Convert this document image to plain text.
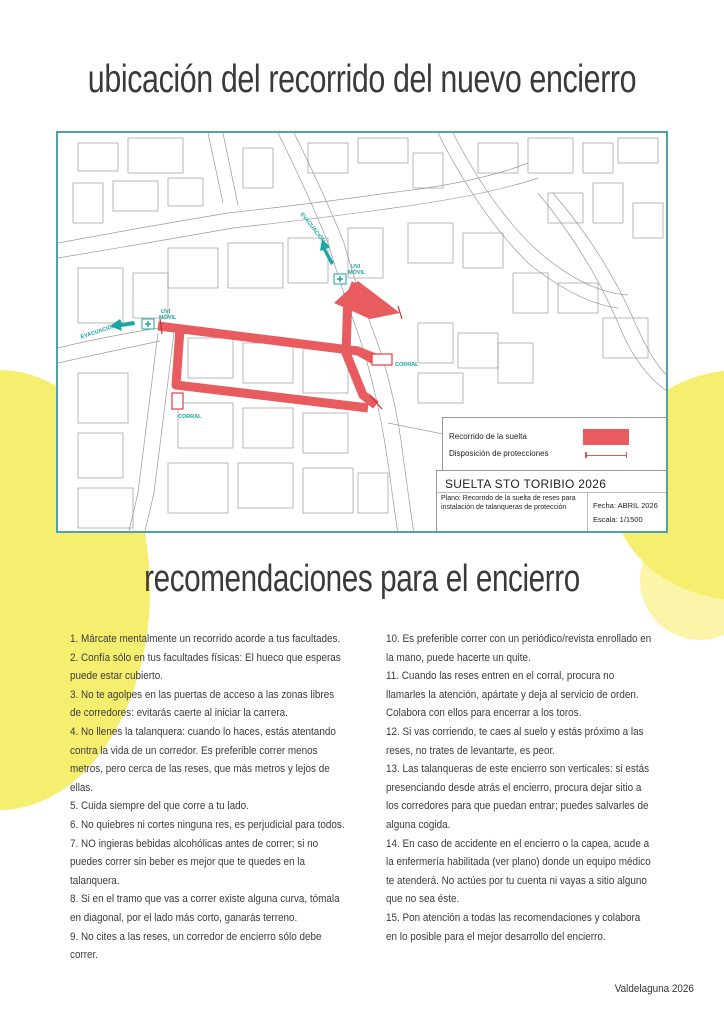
ubicación del recorrido del nuevo encierro
EVACUACIÓN
EVACUACIÓN
UVI
MÓVIL
UVI
MÓVIL
CORRAL
CORRAL
Recorrido de la suelta
Disposición de protecciones
SUELTA STO TORIBIO 2026
Plano: Recorrido de la suelta de reses para instalación de talanqueras de protección	Fecha: ABRIL 2026
Escala: 1/1500
recomendaciones para el encierro

1. Márcate mentalmente un recorrido acorde a tus facultades.

2. Confía sólo en tus facultades físicas: El hueco que esperas puede estar cubierto.

3. No te agolpes en las puertas de acceso a las zonas libres de corredores: evitarás caerte al iniciar la carrera.

4. No llenes la talanquera: cuando lo haces, estás atentando contra la vida de un corredor. Es preferible correr menos metros, pero cerca de las reses, que más metros y lejos de ellas.

5. Cuida siempre del que corre a tu lado.

6. No quiebres ni cortes ninguna res, es perjudicial para todos.

7. NO ingieras bebidas alcohólicas antes de correr; si no puedes correr sin beber es mejor que te quedes en la talanquera.

8. Si en el tramo que vas a correr existe alguna curva, tómala en diagonal, por el lado más corto, ganarás terreno.

9. No cites a las reses, un corredor de encierro sólo debe correr.

10. Es preferible correr con un periódico/revista enrollado en la mano, puede hacerte un quite.

11. Cuando las reses entren en el corral, procura no llamarles la atención, apártate y deja al servicio de orden. Colabora con ellos para encerrar a los toros.

12. Si vas corriendo, te caes al suelo y estás próximo a las reses, no trates de levantarte, es peor.

13. Las talanqueras de este encierro son verticales: si estás presenciando desde atrás el encierro, procura dejar sitio a los corredores para que puedan entrar; puedes salvarles de alguna cogida.

14. En caso de accidente en el encierro o la capea, acude a la enfermería habilitada (ver plano) donde un equipo médico te atenderá. No actúes por tu cuenta ni vayas a sitio alguno que no sea éste.

15. Pon atención a todas las recomendaciones y colabora en lo posible para el mejor desarrollo del encierro.

Valdelaguna 2026
